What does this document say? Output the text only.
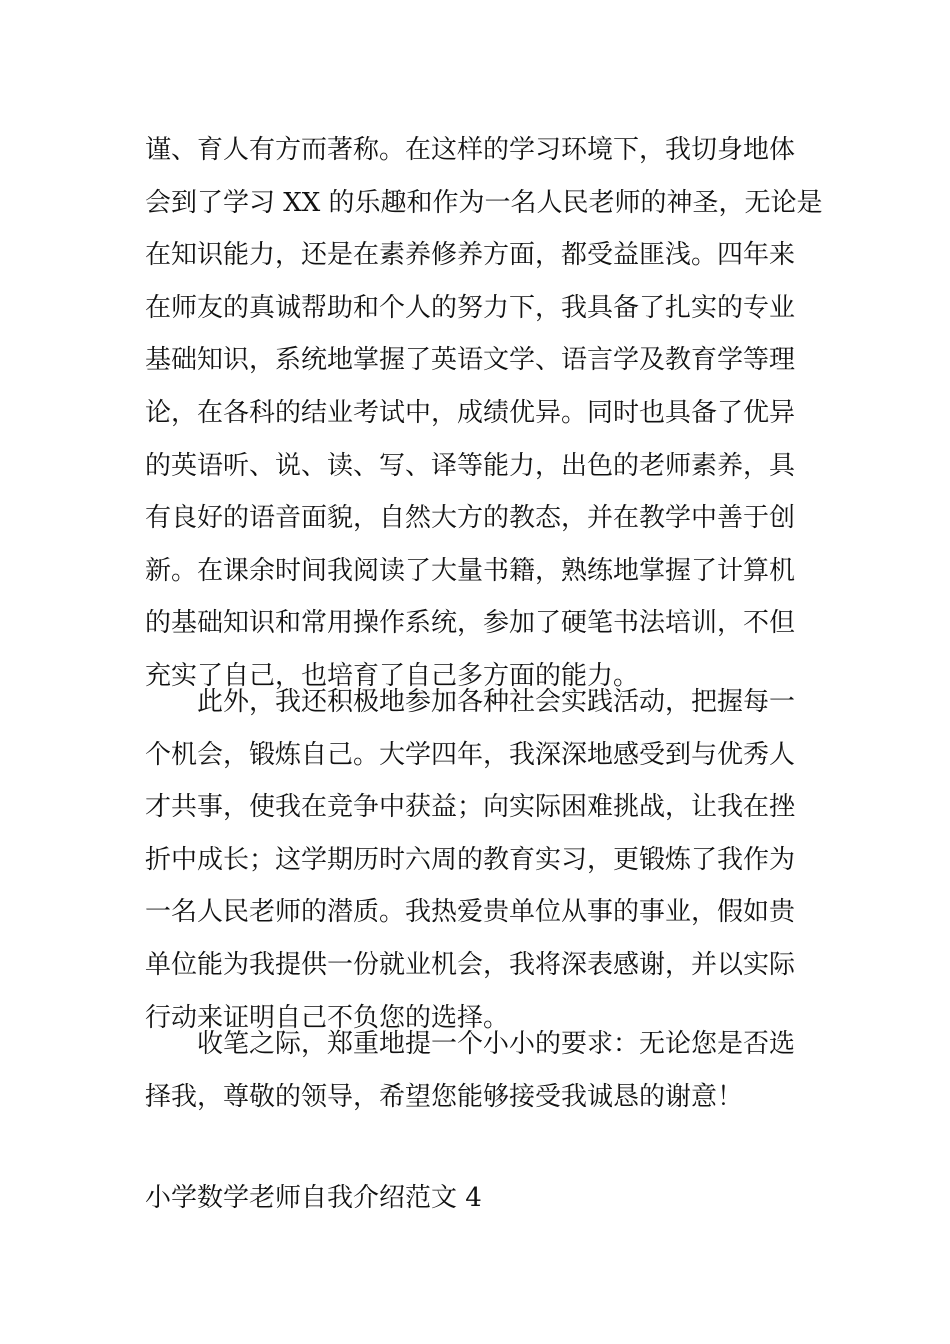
谨、育人有方而著称。在这样的学习环境下，我切身地体
会到了学习 XX 的乐趣和作为一名人民老师的神圣，无论是
在知识能力，还是在素养修养方面，都受益匪浅。四年来
在师友的真诚帮助和个人的努力下，我具备了扎实的专业
基础知识，系统地掌握了英语文学、语言学及教育学等理
论，在各科的结业考试中，成绩优异。同时也具备了优异
的英语听、说、读、写、译等能力，出色的老师素养，具
有良好的语音面貌，自然大方的教态，并在教学中善于创
新。在课余时间我阅读了大量书籍，熟练地掌握了计算机
的基础知识和常用操作系统，参加了硬笔书法培训，不但
充实了自己，也培育了自己多方面的能力。

　　此外，我还积极地参加各种社会实践活动，把握每一
个机会，锻炼自己。大学四年，我深深地感受到与优秀人
才共事，使我在竞争中获益；向实际困难挑战，让我在挫
折中成长；这学期历时六周的教育实习，更锻炼了我作为
一名人民老师的潜质。我热爱贵单位从事的事业，假如贵
单位能为我提供一份就业机会，我将深表感谢，并以实际
行动来证明自己不负您的选择。

　　收笔之际，郑重地提一个小小的要求：无论您是否选
择我，尊敬的领导，希望您能够接受我诚恳的谢意！

小学数学老师自我介绍范文 4
